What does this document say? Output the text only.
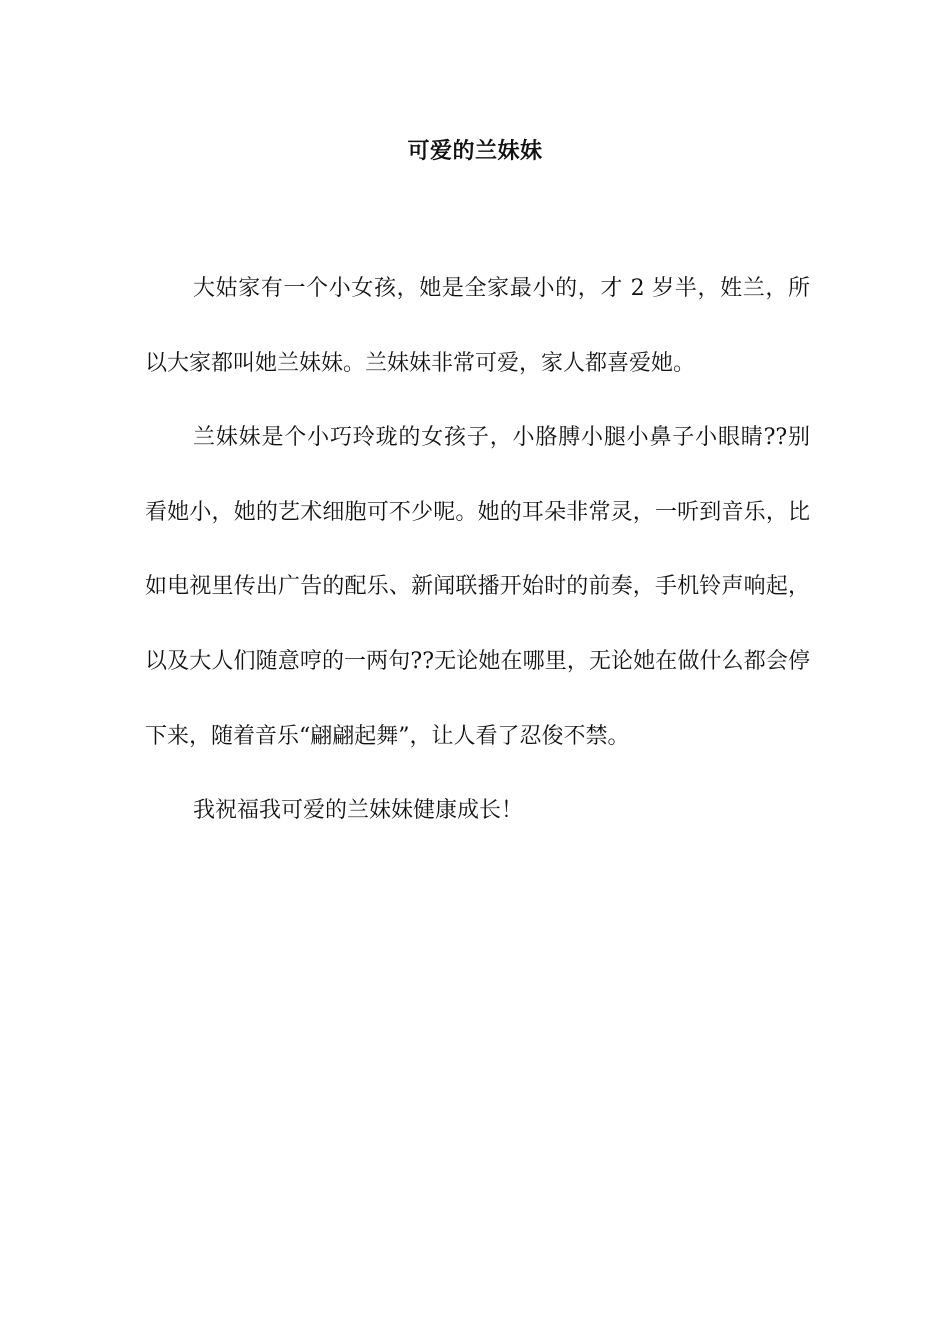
可爱的兰妹妹

大姑家有一个小女孩，她是全家最小的，才 2 岁半，姓兰，所以大家都叫她兰妹妹。兰妹妹非常可爱，家人都喜爱她。

兰妹妹是个小巧玲珑的女孩子，小胳膊小腿小鼻子小眼睛??别看她小，她的艺术细胞可不少呢。她的耳朵非常灵，一听到音乐，比如电视里传出广告的配乐、新闻联播开始时的前奏，手机铃声响起，以及大人们随意哼的一两句??无论她在哪里，无论她在做什么都会停下来，随着音乐“翩翩起舞”，让人看了忍俊不禁。

我祝福我可爱的兰妹妹健康成长！
